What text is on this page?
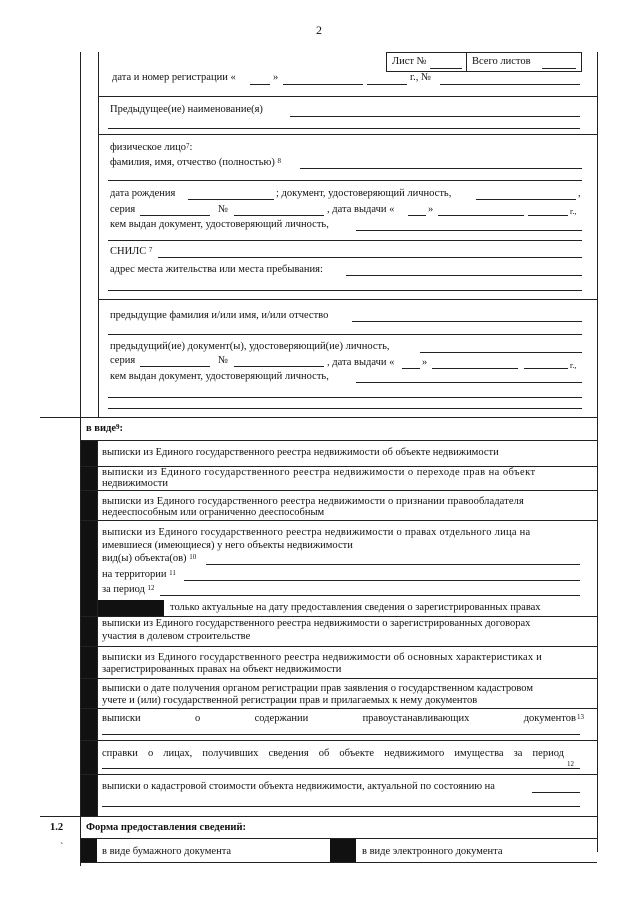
2
Лист №	Всего листов
дата и номер регистрации «	»	г., №
Предыдущее(ие) наименование(я)
физическое лицо$^7$:
фамилия, имя, отчество (полностью) $^8$
дата рождения	; документ, удостоверяющий личность,	,
серия	№	, дата выдачи «	»	г.,
кем выдан документ, удостоверяющий личность,
СНИЛС $^7$
адрес места жительства или места пребывания:
предыдущие фамилия и/или имя, и/или отчество
предыдущий(ие) документ(ы), удостоверяющий(ие) личность,
серия	№	, дата выдачи «	»	г.,
кем выдан документ, удостоверяющий личность,
в виде$^9$:
выписки из Единого государственного реестра недвижимости об объекте недвижимости
выписки из Единого государственного реестра недвижимости о переходе прав на объект
недвижимости
выписки из Единого государственного реестра недвижимости о признании правообладателя
недееспособным или ограниченно дееспособным
выписки из Единого государственного реестра недвижимости о правах отдельного лица на
имевшиеся (имеющиеся) у него объекты недвижимости
вид(ы) объекта(ов) $^{10}$
на территории $^{11}$
за период $^{12}$
только актуальные на дату предоставления сведения о зарегистрированных правах
выписки из Единого государственного реестра недвижимости о зарегистрированных договорах
участия в долевом строительстве
выписки из Единого государственного реестра недвижимости об основных характеристиках и
зарегистрированных правах на объект недвижимости
выписки о дате получения органом регистрации прав заявления о государственном кадастровом
учете и (или) государственной регистрации прав и прилагаемых к нему документов
выписки	о	содержании	правоустанавливающих	документов 13
справки о лицах, получивших сведения об объекте недвижимого имущества за период
12
выписки о кадастровой стоимости объекта недвижимости, актуальной по состоянию на
1.2 Форма предоставления сведений:
`	в виде бумажного документа	в виде электронного документа
